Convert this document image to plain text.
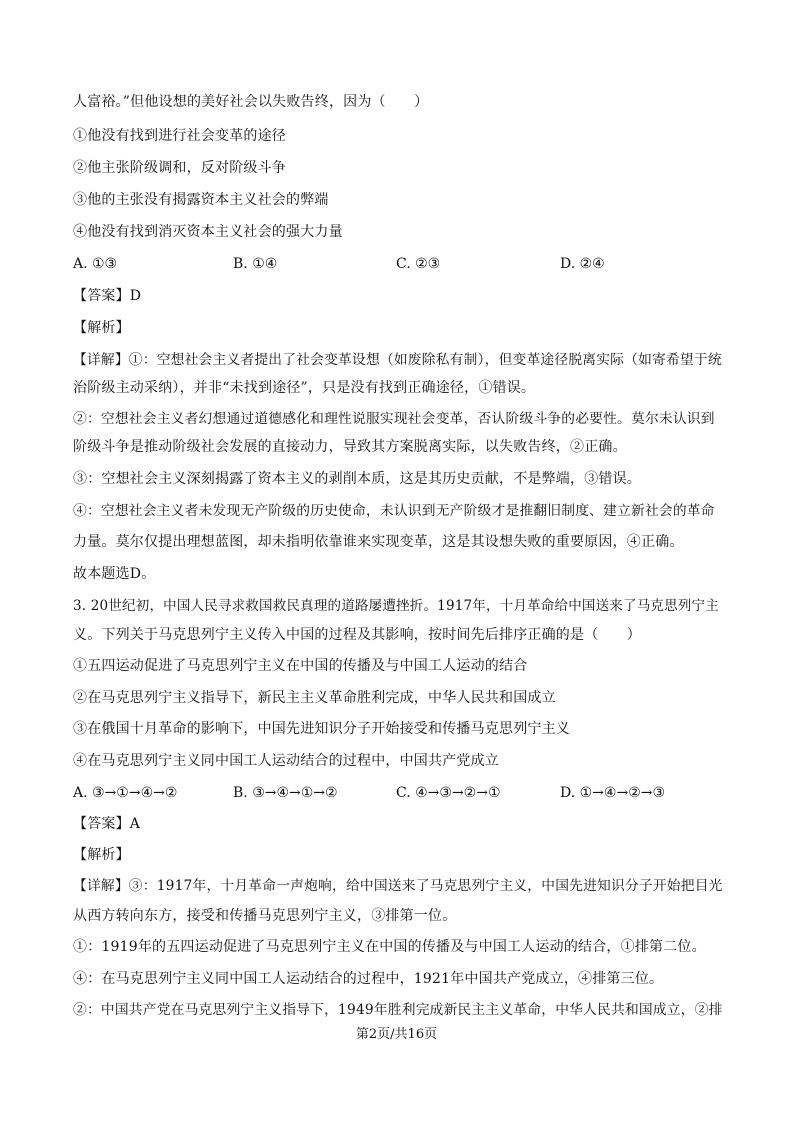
人富裕。”但他设想的美好社会以失败告终，因为（　　）
①他没有找到进行社会变革的途径
②他主张阶级调和，反对阶级斗争
③他的主张没有揭露资本主义社会的弊端
④他没有找到消灭资本主义社会的强大力量
A. ①③	B. ①④	C. ②③	D. ②④
【答案】D
【解析】
【详解】①：空想社会主义者提出了社会变革设想（如废除私有制），但变革途径脱离实际（如寄希望于统
治阶级主动采纳），并非“未找到途径”，只是没有找到正确途径，①错误。
②：空想社会主义者幻想通过道德感化和理性说服实现社会变革，否认阶级斗争的必要性。莫尔未认识到
阶级斗争是推动阶级社会发展的直接动力，导致其方案脱离实际，以失败告终，②正确。
③：空想社会主义深刻揭露了资本主义的剥削本质，这是其历史贡献，不是弊端，③错误。
④：空想社会主义者未发现无产阶级的历史使命，未认识到无产阶级才是推翻旧制度、建立新社会的革命
力量。莫尔仅提出理想蓝图，却未指明依靠谁来实现变革，这是其设想失败的重要原因，④正确。
故本题选D。
3. 20世纪初，中国人民寻求救国救民真理的道路屡遭挫折。1917年，十月革命给中国送来了马克思列宁主
义。下列关于马克思列宁主义传入中国的过程及其影响，按时间先后排序正确的是（　　）
①五四运动促进了马克思列宁主义在中国的传播及与中国工人运动的结合
②在马克思列宁主义指导下，新民主主义革命胜利完成，中华人民共和国成立
③在俄国十月革命的影响下，中国先进知识分子开始接受和传播马克思列宁主义
④在马克思列宁主义同中国工人运动结合的过程中，中国共产党成立
A. ③→①→④→②	B. ③→④→①→②	C. ④→③→②→①	D. ①→④→②→③
【答案】A
【解析】
【详解】③：1917年，十月革命一声炮响，给中国送来了马克思列宁主义，中国先进知识分子开始把目光
从西方转向东方，接受和传播马克思列宁主义，③排第一位。
①：1919年的五四运动促进了马克思列宁主义在中国的传播及与中国工人运动的结合，①排第二位。
④：在马克思列宁主义同中国工人运动结合的过程中，1921年中国共产党成立，④排第三位。
②：中国共产党在马克思列宁主义指导下，1949年胜利完成新民主主义革命，中华人民共和国成立，②排
第2页/共16页
